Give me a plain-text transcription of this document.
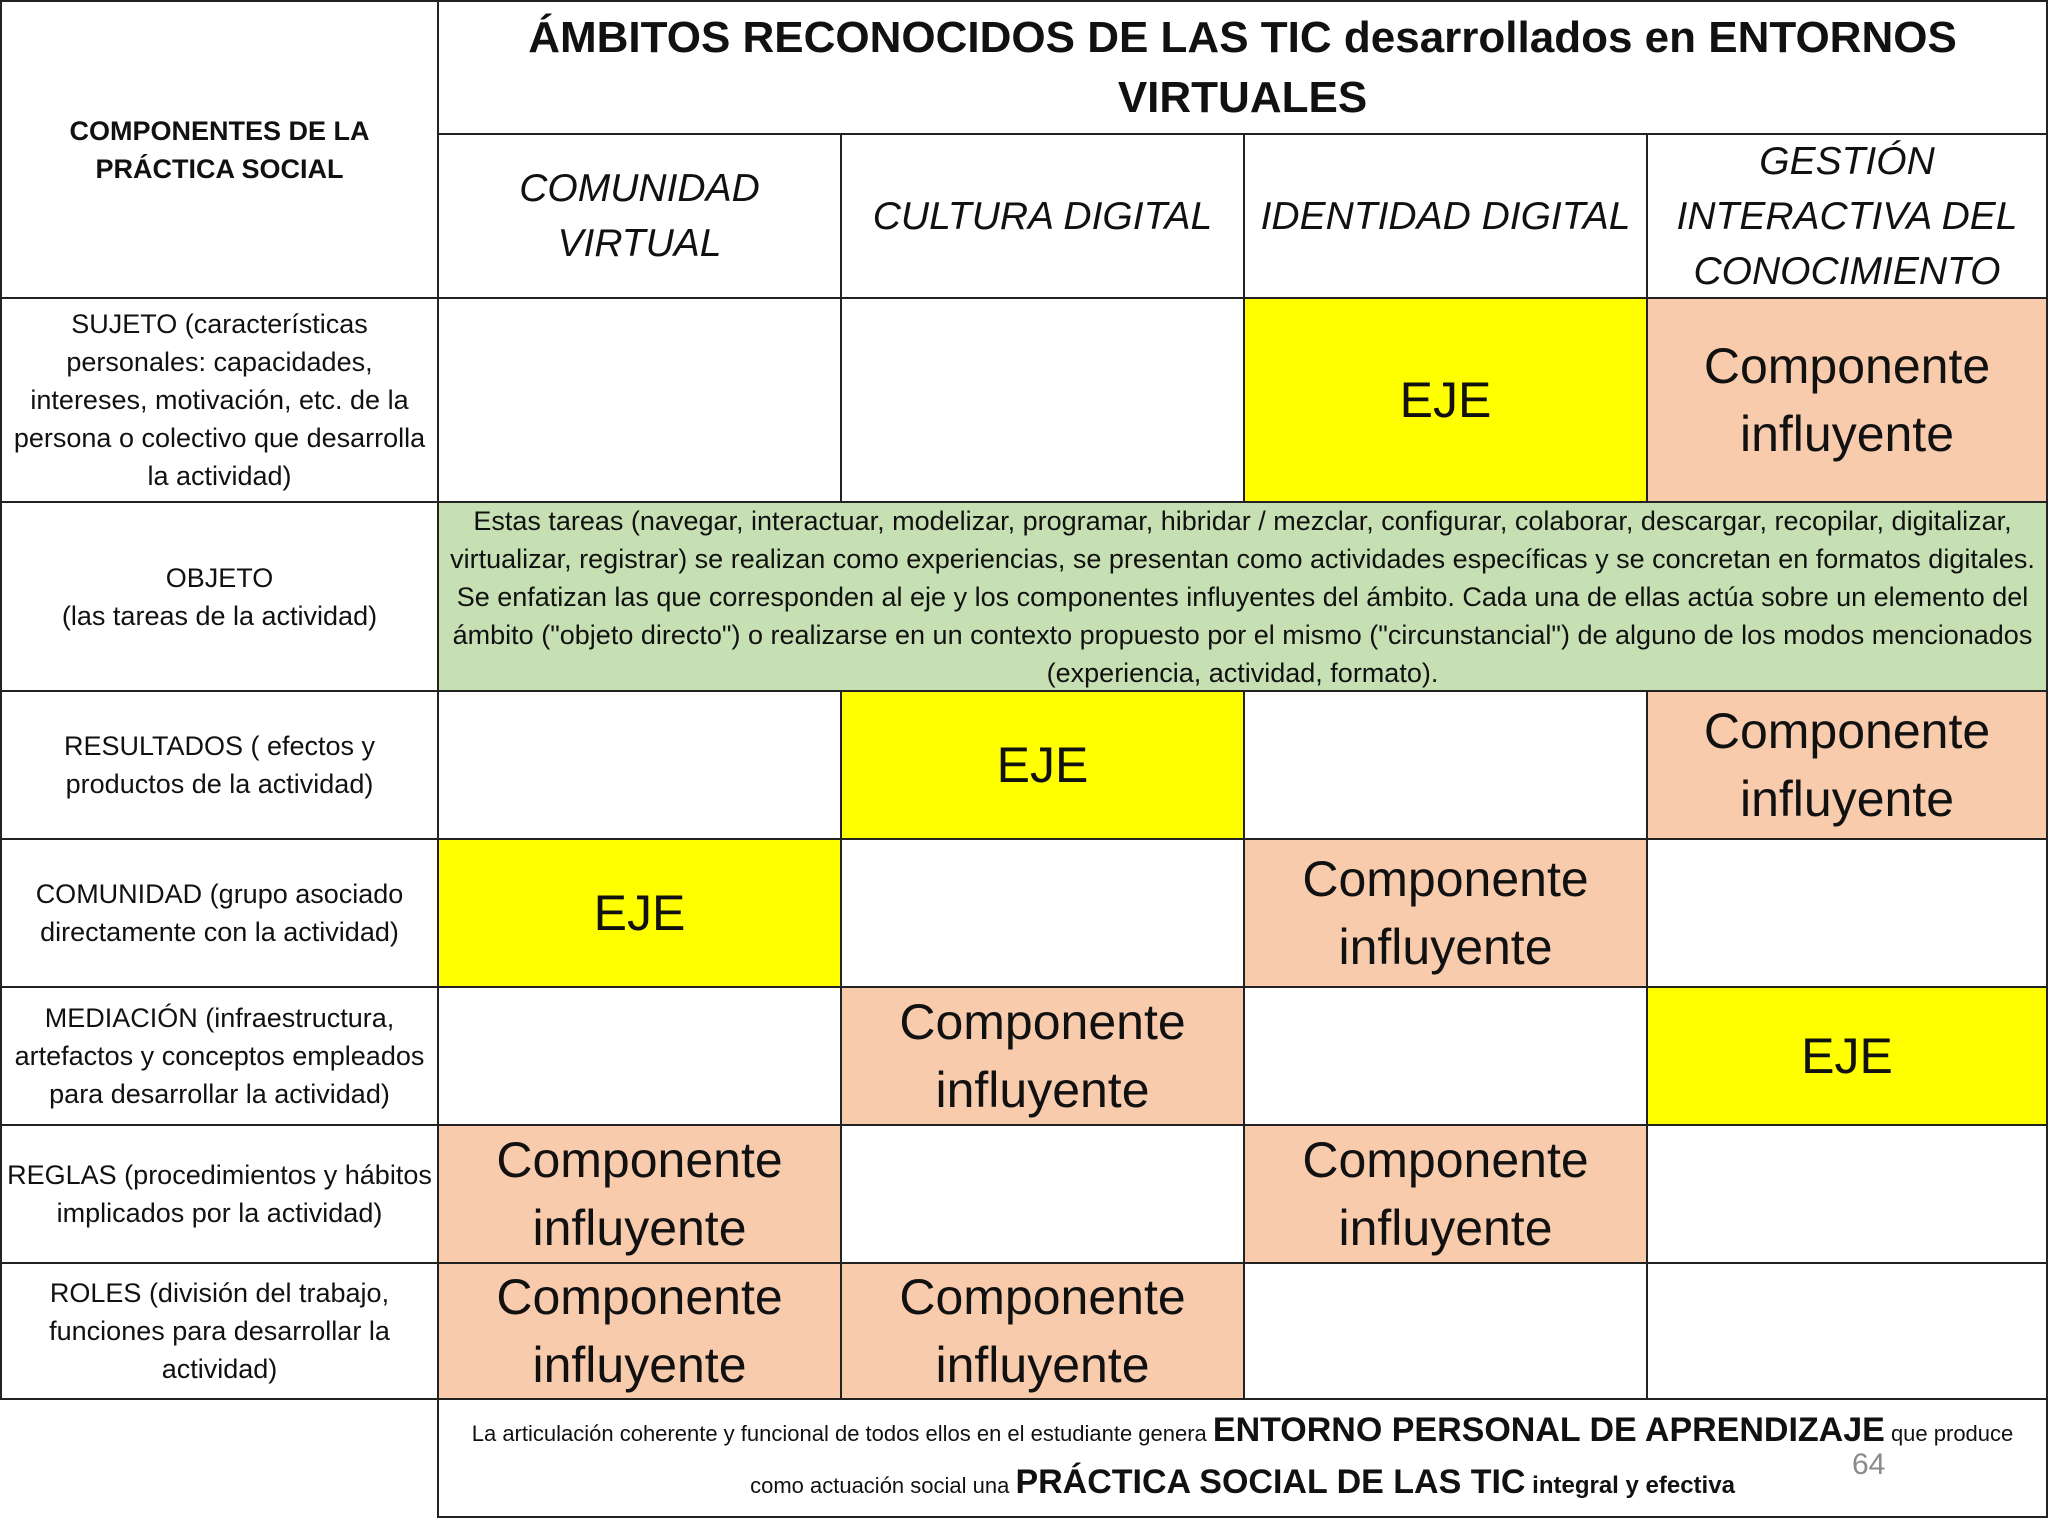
COMPONENTES DE LA PRÁCTICA SOCIAL
ÁMBITOS RECONOCIDOS DE LAS TIC desarrollados en ENTORNOS VIRTUALES
COMUNIDAD VIRTUAL
CULTURA DIGITAL IDENTIDAD DIGITAL
GESTIÓN INTERACTIVA DEL CONOCIMIENTO
SUJETO (características personales: capacidades, intereses, motivación, etc. de la persona o colectivo que desarrolla la actividad)
EJE
Componente influyente
OBJETO
(las tareas de la actividad)
Estas tareas (navegar, interactuar, modelizar, programar, hibridar / mezclar, configurar, colaborar, descargar, recopilar, digitalizar, virtualizar, registrar) se realizan como experiencias, se presentan como actividades específicas y se concretan en formatos digitales. Se enfatizan las que corresponden al eje y los componentes influyentes del ámbito. Cada una de ellas actúa sobre un elemento del ámbito ("objeto directo") o realizarse en un contexto propuesto por el mismo ("circunstancial") de alguno de los modos mencionados (experiencia, actividad, formato).
RESULTADOS ( efectos y productos de la actividad)	EJE
Componente influyente
COMUNIDAD (grupo asociado directamente con la actividad)	EJE
Componente influyente
MEDIACIÓN (infraestructura, artefactos y conceptos empleados para desarrollar la actividad)
Componente influyente
EJE
REGLAS (procedimientos y hábitos implicados por la actividad)
Componente influyente
Componente influyente
ROLES (división del trabajo, funciones para desarrollar la actividad)
Componente influyente
Componente influyente
La articulación coherente y funcional de todos ellos en el estudiante genera ENTORNO PERSONAL DE APRENDIZAJE que produce
como actuación social una PRÁCTICA SOCIAL DE LAS TIC integral y efectiva
64
